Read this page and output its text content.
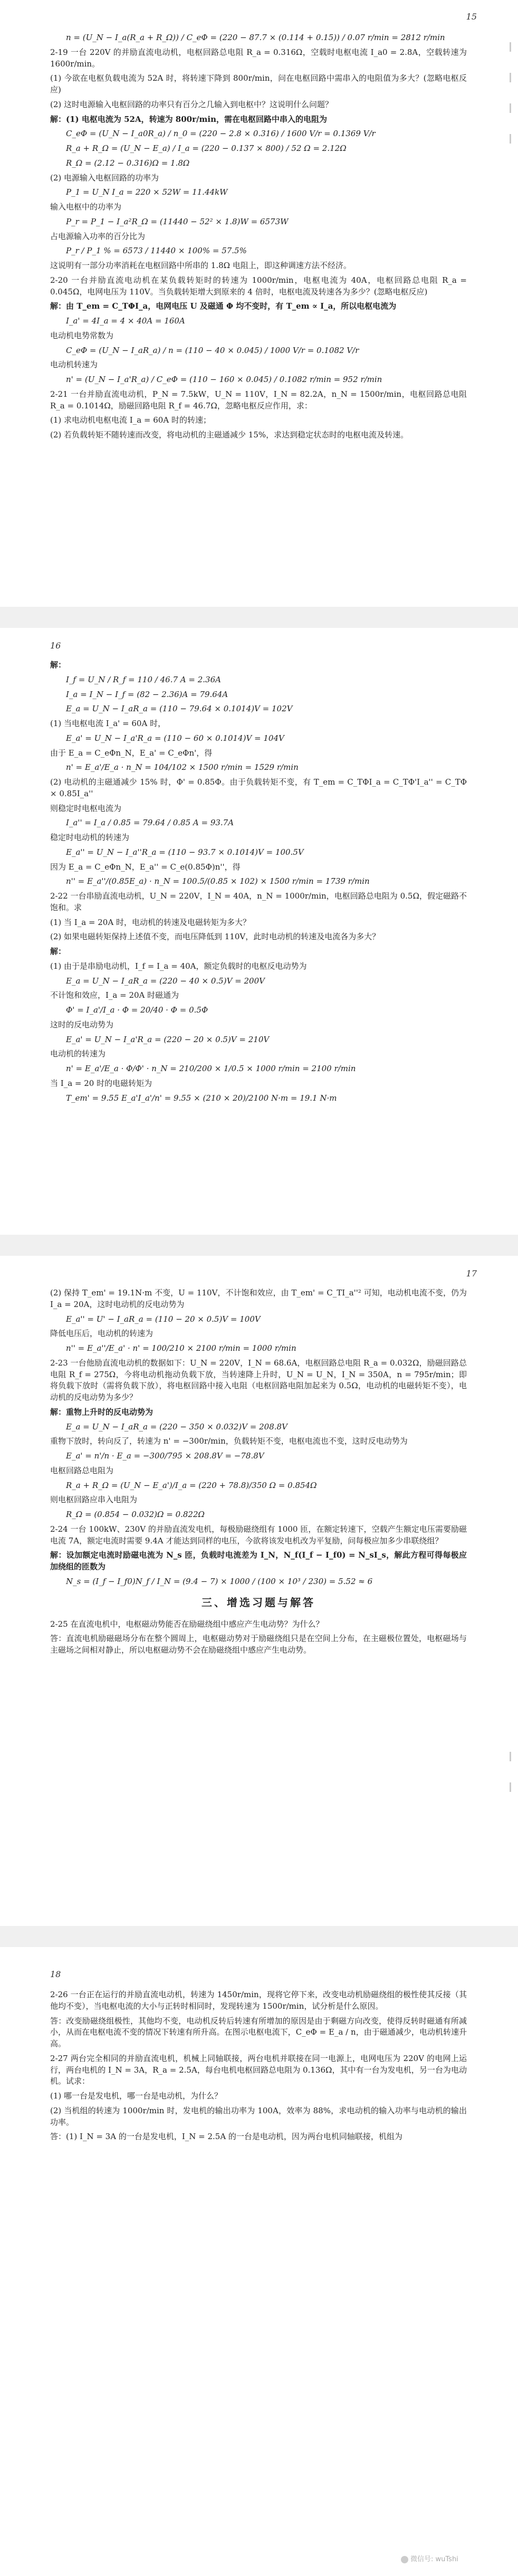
15

n = (U_N − I_a(R_a + R_Ω)) / C_eΦ = (220 − 87.7 × (0.114 + 0.15)) / 0.07 r/min = 2812 r/min

2-19 一台 220V 的并励直流电动机，电枢回路总电阻 R_a = 0.316Ω，空载时电枢电流 I_a0 = 2.8A，空载转速为 1600r/min。

(1) 今欲在电枢负载电流为 52A 时，将转速下降到 800r/min，问在电枢回路中需串入的电阻值为多大？(忽略电枢反应)

(2) 这时电源输入电枢回路的功率只有百分之几输入到电枢中？这说明什么问题？

解：(1) 电枢电流为 52A，转速为 800r/min，需在电枢回路中串入的电阻为

C_eΦ = (U_N − I_a0R_a) / n_0 = (220 − 2.8 × 0.316) / 1600 V/r = 0.1369 V/r

R_a + R_Ω = (U_N − E_a) / I_a = (220 − 0.137 × 800) / 52 Ω = 2.12Ω

R_Ω = (2.12 − 0.316)Ω = 1.8Ω

(2) 电源输入电枢回路的功率为

P_1 = U_N I_a = 220 × 52W = 11.44kW

输入电枢中的功率为

P_r = P_1 − I_a²R_Ω = (11440 − 52² × 1.8)W = 6573W

占电源输入功率的百分比为

P_r / P_1 % = 6573 / 11440 × 100% = 57.5%

这说明有一部分功率消耗在电枢回路中所串的 1.8Ω 电阻上，即这种调速方法不经济。

2-20 一台并励直流电动机在某负载转矩时的转速为 1000r/min，电枢电流为 40A，电枢回路总电阻 R_a = 0.045Ω，电网电压为 110V。当负载转矩增大到原来的 4 倍时，电枢电流及转速各为多少？(忽略电枢反应)

解：由 T_em = C_TΦI_a，电网电压 U 及磁通 Φ 均不变时，有 T_em ∝ I_a，所以电枢电流为

I_a' = 4I_a = 4 × 40A = 160A

电动机电势常数为

C_eΦ = (U_N − I_aR_a) / n = (110 − 40 × 0.045) / 1000 V/r = 0.1082 V/r

电动机转速为

n' = (U_N − I_a'R_a) / C_eΦ = (110 − 160 × 0.045) / 0.1082 r/min = 952 r/min

2-21 一台并励直流电动机，P_N = 7.5kW，U_N = 110V，I_N = 82.2A，n_N = 1500r/min，电枢回路总电阻 R_a = 0.1014Ω，励磁回路电阻 R_f = 46.7Ω，忽略电枢反应作用，求：

(1) 求电动机电枢电流 I_a = 60A 时的转速；

(2) 若负载转矩不随转速而改变，将电动机的主磁通减少 15%，求达到稳定状态时的电枢电流及转速。

16

解：

I_f = U_N / R_f = 110 / 46.7 A = 2.36A

I_a = I_N − I_f = (82 − 2.36)A = 79.64A

E_a = U_N − I_aR_a = (110 − 79.64 × 0.1014)V = 102V

(1) 当电枢电流 I_a' = 60A 时，

E_a' = U_N − I_a'R_a = (110 − 60 × 0.1014)V = 104V

由于 E_a = C_eΦn_N，E_a' = C_eΦn'，得

n' = E_a'/E_a · n_N = 104/102 × 1500 r/min = 1529 r/min

(2) 电动机的主磁通减少 15% 时，Φ' = 0.85Φ。由于负载转矩不变，有 T_em = C_TΦI_a = C_TΦ'I_a'' = C_TΦ × 0.85I_a''

则稳定时电枢电流为

I_a'' = I_a / 0.85 = 79.64 / 0.85 A = 93.7A

稳定时电动机的转速为

E_a'' = U_N − I_a''R_a = (110 − 93.7 × 0.1014)V = 100.5V

因为 E_a = C_eΦn_N，E_a'' = C_e(0.85Φ)n''，得

n'' = E_a''/(0.85E_a) · n_N = 100.5/(0.85 × 102) × 1500 r/min = 1739 r/min

2-22 一台串励直流电动机，U_N = 220V，I_N = 40A，n_N = 1000r/min，电枢回路总电阻为 0.5Ω，假定磁路不饱和。求

(1) 当 I_a = 20A 时，电动机的转速及电磁转矩为多大？

(2) 如果电磁转矩保持上述值不变，而电压降低到 110V，此时电动机的转速及电流各为多大？

解：

(1) 由于是串励电动机，I_f = I_a = 40A，额定负载时的电枢反电动势为

E_a = U_N − I_aR_a = (220 − 40 × 0.5)V = 200V

不计饱和效应，I_a = 20A 时磁通为

Φ' = I_a'/I_a · Φ = 20/40 · Φ = 0.5Φ

这时的反电动势为

E_a' = U_N − I_a'R_a = (220 − 20 × 0.5)V = 210V

电动机的转速为

n' = E_a'/E_a · Φ/Φ' · n_N = 210/200 × 1/0.5 × 1000 r/min = 2100 r/min

当 I_a = 20 时的电磁转矩为

T_em' = 9.55 E_a'I_a'/n' = 9.55 × (210 × 20)/2100 N·m = 19.1 N·m

17

(2) 保持 T_em' = 19.1N·m 不变，U = 110V，不计饱和效应，由 T_em' = C_TI_a''² 可知，电动机电流不变，仍为 I_a = 20A，这时电动机的反电动势为

E_a'' = U' − I_aR_a = (110 − 20 × 0.5)V = 100V

降低电压后，电动机的转速为

n'' = E_a''/E_a' · n' = 100/210 × 2100 r/min = 1000 r/min

2-23 一台他励直流电动机的数据如下：U_N = 220V，I_N = 68.6A，电枢回路总电阻 R_a = 0.032Ω，励磁回路总电阻 R_f = 275Ω，今将电动机拖动负载下放，当转速降上升时，U_N = U_N，I_N = 350A，n = 795r/min；即将负载下放时（需将负载下放），将电枢回路中接入电阻（电枢回路电阻加起来为 0.5Ω，电动机的电磁转矩不变），电动机的反电动势为多少？

解：重物上升时的反电动势为

E_a = U_N − I_aR_a = (220 − 350 × 0.032)V = 208.8V

重物下放时，转向反了，转速为 n' = −300r/min，负载转矩不变，电枢电流也不变，这时反电动势为

E_a' = n'/n · E_a = −300/795 × 208.8V = −78.8V

电枢回路总电阻为

R_a + R_Ω = (U_N − E_a')/I_a = (220 + 78.8)/350 Ω = 0.854Ω

则电枢回路应串入电阻为

R_Ω = (0.854 − 0.032)Ω = 0.822Ω

2-24 一台 100kW、230V 的并励直流发电机，每极励磁绕组有 1000 匝，在额定转速下，空载产生额定电压需要励磁电流 7A，额定电流时需要 9.4A 才能达到同样的电压，今欲将该发电机改为平复励，问每极应加多少串联绕组？

解：设加额定电流时励磁电流为 N_s 匝，负载时电流差为 I_N，N_f(I_f − I_f0) = N_sI_s，解此方程可得每极应加绕组的匝数为

N_s = (I_f − I_f0)N_f / I_N = (9.4 − 7) × 1000 / (100 × 10³ / 230) = 5.52 ≈ 6

三、增选习题与解答

2-25 在直流电机中，电枢磁动势能否在励磁绕组中感应产生电动势？为什么？

答：直流电机励磁磁场分布在整个圆周上，电枢磁动势对于励磁绕组只是在空间上分布，在主磁极位置处，电枢磁场与主磁场之间相对静止，所以电枢磁动势不会在励磁绕组中感应产生电动势。

18

2-26 一台正在运行的并励直流电动机，转速为 1450r/min，现将它停下来，改变电动机励磁绕组的极性使其反接（其他均不变），当电枢电流的大小与正转时相同时，发现转速为 1500r/min，试分析是什么原因。

答：改变励磁绕组极性，其他均不变，电动机反转后转速有所增加的原因是由于剩磁方向改变，使得反转时磁通有所减小，从而在电枢电流不变的情况下转速有所升高。在图示电枢电流下，C_eΦ = E_a / n，由于磁通减少，电动机转速升高。

2-27 两台完全相同的并励直流电机，机械上同轴联接，两台电机并联接在同一电源上，电网电压为 220V 的电网上运行，两台电机的 I_N = 3A，R_a = 2.5A，每台电机电枢回路总电阻为 0.136Ω，其中有一台为发电机，另一台为电动机。试求：

(1) 哪一台是发电机，哪一台是电动机，为什么？

(2) 当机组的转速为 1000r/min 时，发电机的输出功率为 100A，效率为 88%，求电动机的输入功率与电动机的输出功率。

答：(1) I_N = 3A 的一台是发电机，I_N = 2.5A 的一台是电动机，因为两台电机同轴联接，机组为

微信号: wuTshi
